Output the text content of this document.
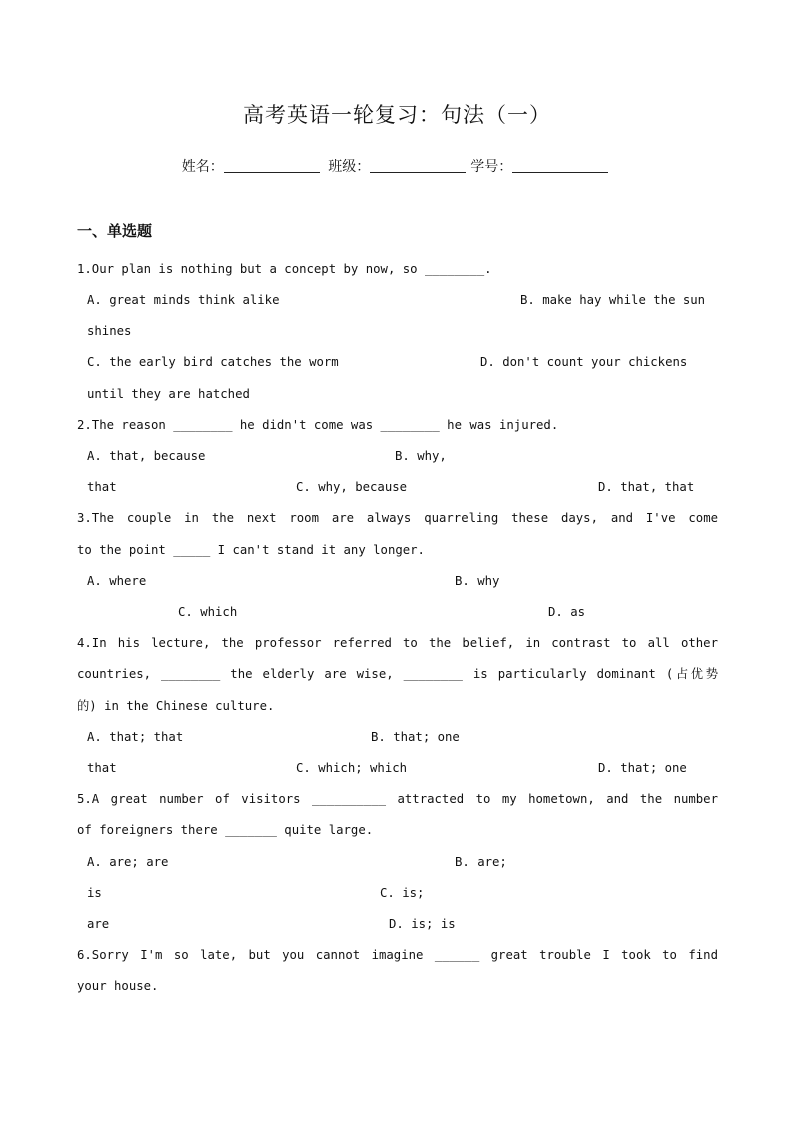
高考英语一轮复习：句法（一）
姓名：	班级：	学号：
一、单选题
1.Our plan is nothing but a concept by now, so ________.
A. great minds think alike	B. make hay while the sun
shines
C. the early bird catches the worm	D. don't count your chickens
until they are hatched
2.The reason ________ he didn't come was ________ he was injured.
A. that, because	B. why,
that	C. why, because	D. that, that
3.The couple in the next room are always quarreling these days, and I've come
to the point _____ I can't stand it any longer.
A. where	B. why
C. which	D. as
4.In his lecture, the professor referred to the belief, in contrast to all other
countries, ________ the elderly are wise, ________ is particularly dominant (占优势
的) in the Chinese culture.
A. that; that	B. that; one
that	C. which; which	D. that; one
5.A great number of visitors __________ attracted to my hometown, and the number
of foreigners there _______ quite large.
A. are; are	B. are;
is	C. is;
are	D. is; is
6.Sorry I'm so late, but you cannot imagine ______ great trouble I took to find
your house.
